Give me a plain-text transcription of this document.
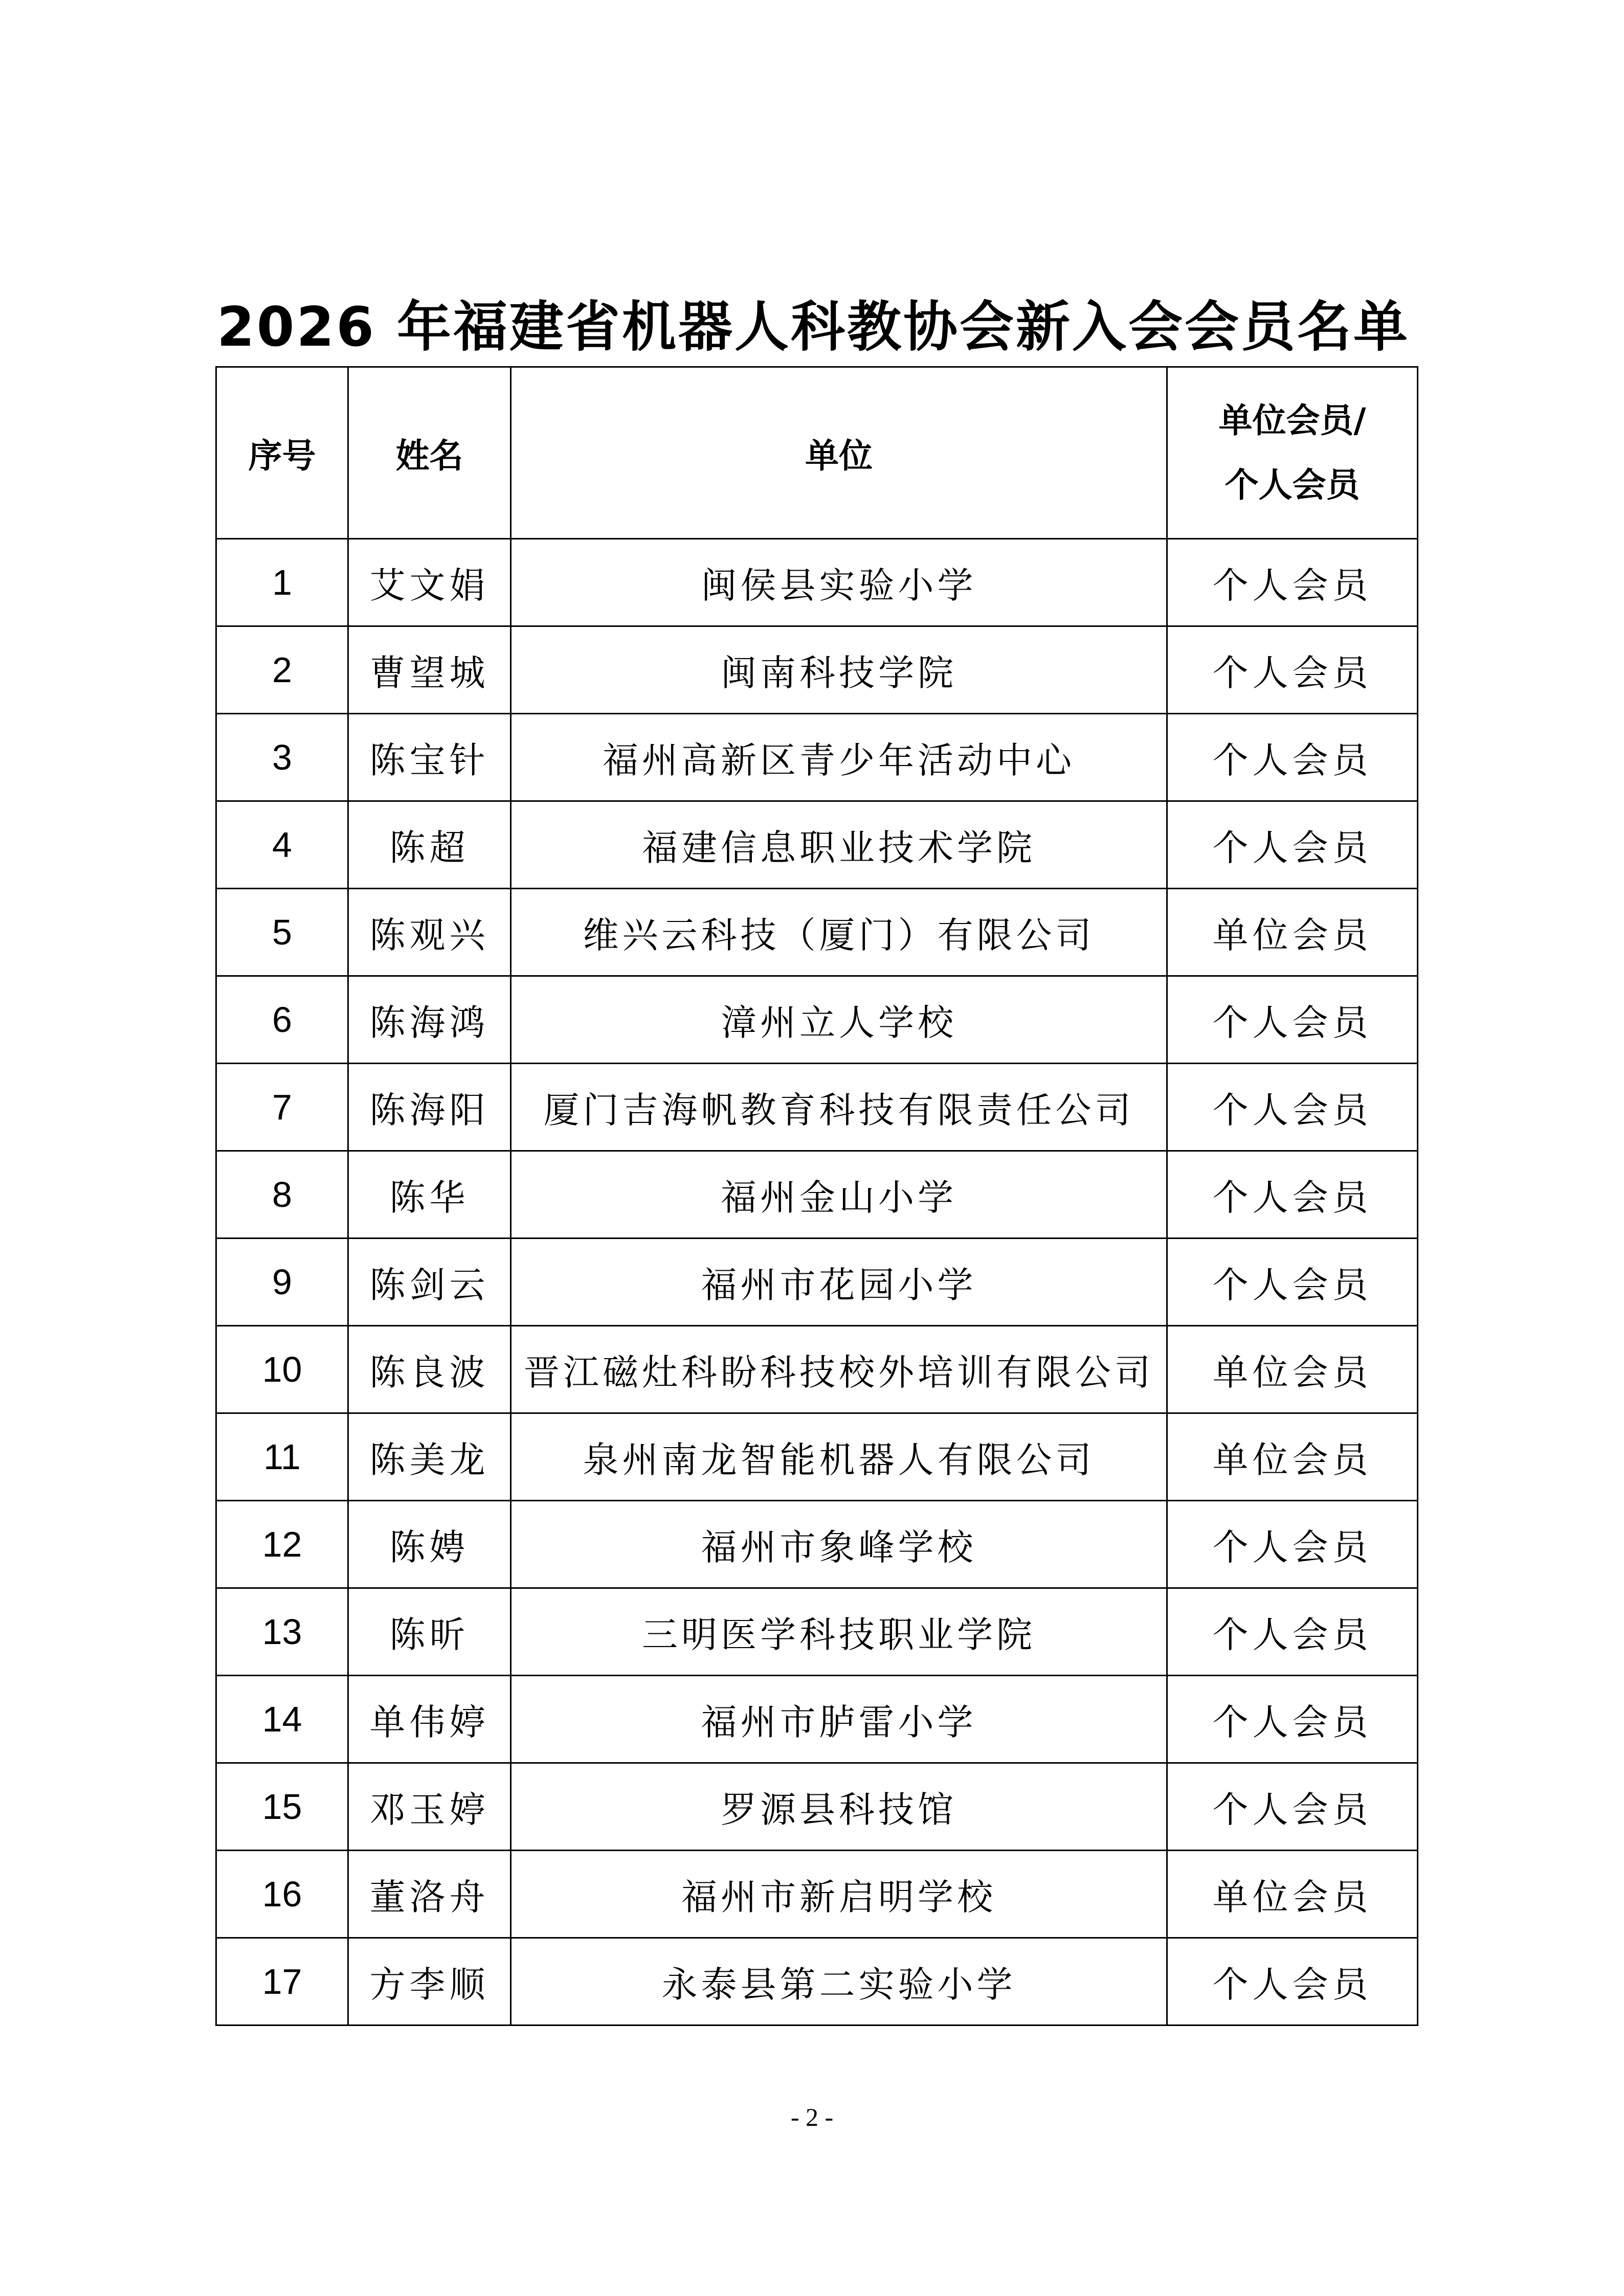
2026 年福建省机器人科教协会新入会会员名单
序号	姓名	单位	单位会员/
个人会员

1	艾文娟	闽侯县实验小学	个人会员
2	曹望城	闽南科技学院	个人会员
3	陈宝针	福州高新区青少年活动中心	个人会员
4	陈超	福建信息职业技术学院	个人会员
5	陈观兴	维兴云科技（厦门）有限公司	单位会员
6	陈海鸿	漳州立人学校	个人会员
7	陈海阳	厦门吉海帆教育科技有限责任公司	个人会员
8	陈华	福州金山小学	个人会员
9	陈剑云	福州市花园小学	个人会员
10	陈良波	晋江磁灶科盼科技校外培训有限公司	单位会员
11	陈美龙	泉州南龙智能机器人有限公司	单位会员
12	陈娉	福州市象峰学校	个人会员
13	陈昕	三明医学科技职业学院	个人会员
14	单伟婷	福州市胪雷小学	个人会员
15	邓玉婷	罗源县科技馆	个人会员
16	董洛舟	福州市新启明学校	单位会员
17	方李顺	永泰县第二实验小学	个人会员
- 2 -
